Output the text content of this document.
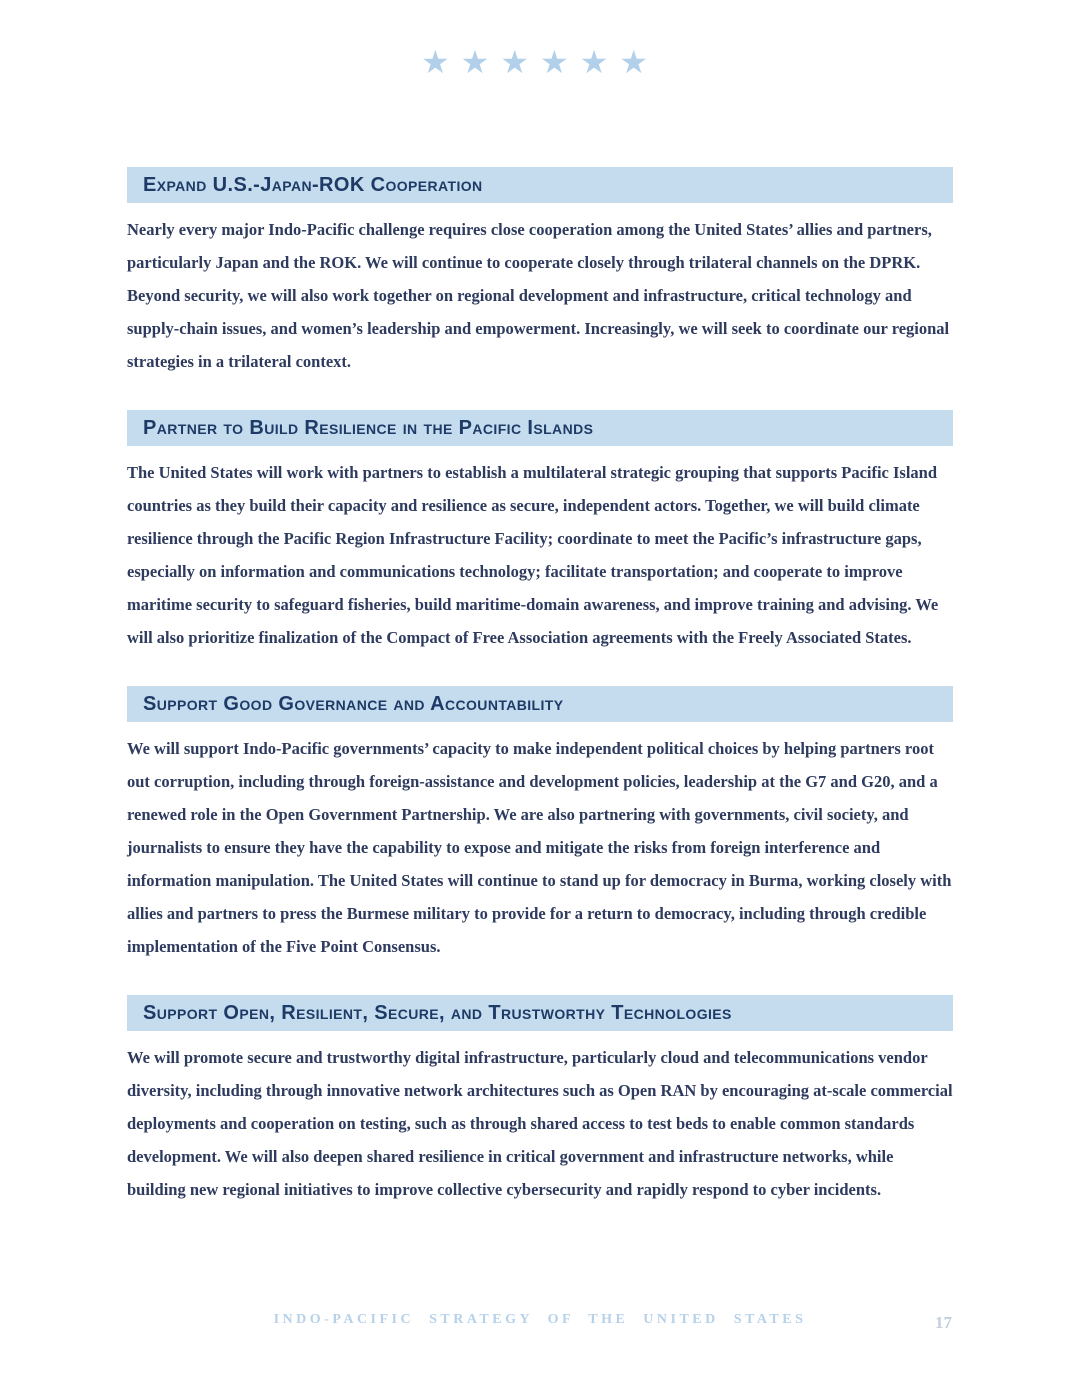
★★★★★★
Expand U.S.-Japan-ROK Cooperation
Nearly every major Indo-Pacific challenge requires close cooperation among the United States’ allies and partners, particularly Japan and the ROK. We will continue to cooperate closely through trilateral channels on the DPRK. Beyond security, we will also work together on regional development and infrastructure, critical technology and supply-chain issues, and women’s leadership and empowerment. Increasingly, we will seek to coordinate our regional strategies in a trilateral context.
Partner to Build Resilience in the Pacific Islands
The United States will work with partners to establish a multilateral strategic grouping that supports Pacific Island countries as they build their capacity and resilience as secure, independent actors. Together, we will build climate resilience through the Pacific Region Infrastructure Facility; coordinate to meet the Pacific’s infrastructure gaps, especially on information and communications technology; facilitate transportation; and cooperate to improve maritime security to safeguard fisheries, build maritime-domain awareness, and improve training and advising. We will also prioritize finalization of the Compact of Free Association agreements with the Freely Associated States.
Support Good Governance and Accountability
We will support Indo-Pacific governments’ capacity to make independent political choices by helping partners root out corruption, including through foreign-assistance and development policies, leadership at the G7 and G20, and a renewed role in the Open Government Partnership. We are also partnering with governments, civil society, and journalists to ensure they have the capability to expose and mitigate the risks from foreign interference and information manipulation. The United States will continue to stand up for democracy in Burma, working closely with allies and partners to press the Burmese military to provide for a return to democracy, including through credible implementation of the Five Point Consensus.
Support Open, Resilient, Secure, and Trustworthy Technologies
We will promote secure and trustworthy digital infrastructure, particularly cloud and telecommunications vendor diversity, including through innovative network architectures such as Open RAN by encouraging at-scale commercial deployments and cooperation on testing, such as through shared access to test beds to enable common standards development. We will also deepen shared resilience in critical government and infrastructure networks, while building new regional initiatives to improve collective cybersecurity and rapidly respond to cyber incidents.
INDO-PACIFIC STRATEGY OF THE UNITED STATES	17
